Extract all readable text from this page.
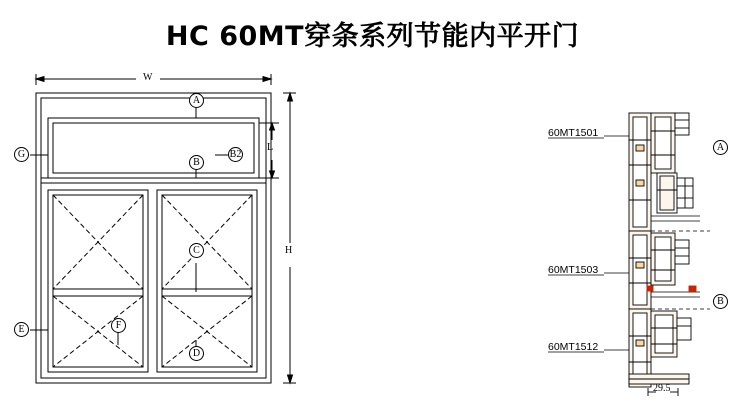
HC 60MT穿条系列节能内平开门
W
H
L
A
B
B2
C
D
E	F
G
60MT1501
60MT1503
60MT1512
A
B
29.5
